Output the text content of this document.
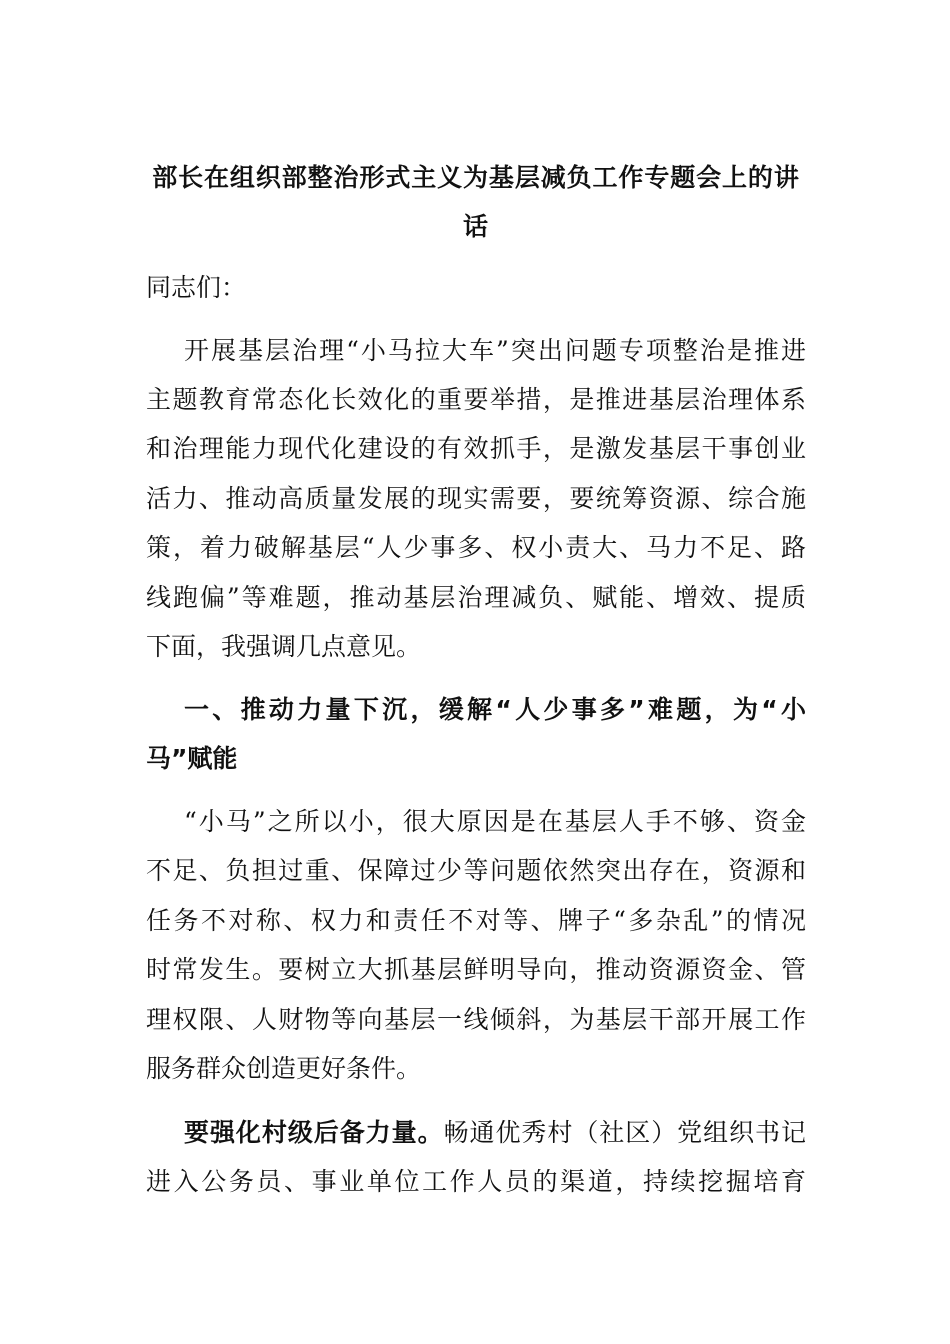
部长在组织部整治形式主义为基层减负工作专题会上的讲
话
同志们：
开展基层治理“小马拉大车”突出问题专项整治是推进
主题教育常态化长效化的重要举措，是推进基层治理体系
和治理能力现代化建设的有效抓手，是激发基层干事创业
活力、推动高质量发展的现实需要，要统筹资源、综合施
策，着力破解基层“人少事多、权小责大、马力不足、路
线跑偏”等难题，推动基层治理减负、赋能、增效、提质
下面，我强调几点意见。
一、推动力量下沉，缓解“人少事多”难题，为“小
马”赋能
“小马”之所以小，很大原因是在基层人手不够、资金
不足、负担过重、保障过少等问题依然突出存在，资源和
任务不对称、权力和责任不对等、牌子“多杂乱”的情况
时常发生。要树立大抓基层鲜明导向，推动资源资金、管
理权限、人财物等向基层一线倾斜，为基层干部开展工作
服务群众创造更好条件。
要强化村级后备力量。畅通优秀村（社区）党组织书记
进入公务员、事业单位工作人员的渠道，持续挖掘培育
